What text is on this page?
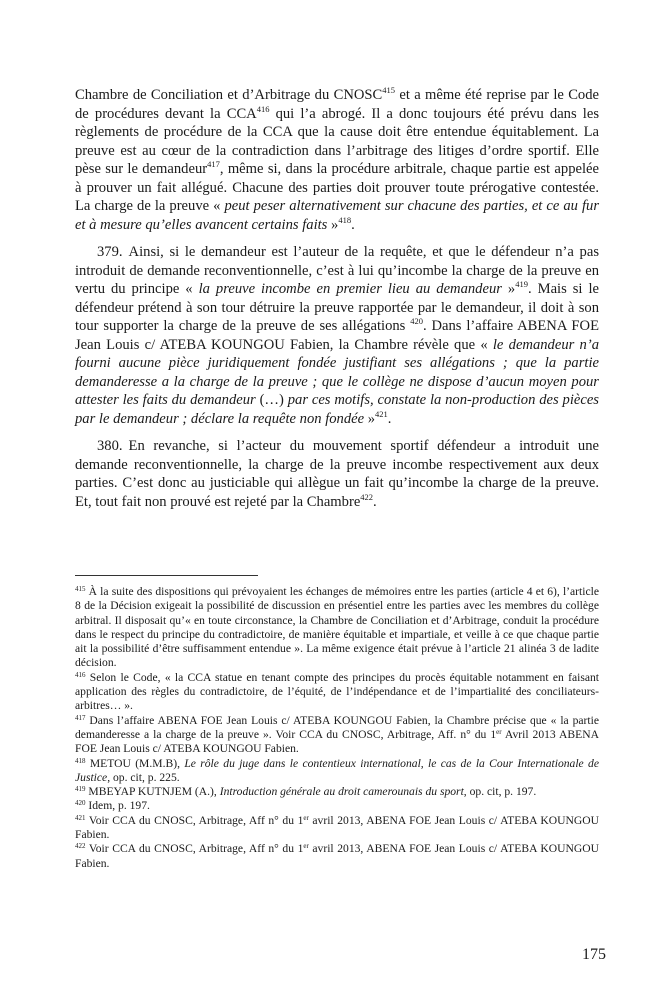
Chambre de Conciliation et d’Arbitrage du CNOSC$^{415}$ et a même été reprise par le Code de procédures devant la CCA$^{416}$ qui l’a abrogé. Il a donc toujours été prévu dans les règlements de procédure de la CCA que la cause doit être entendue équitablement. La preuve est au cœur de la contradiction dans l’arbitrage des litiges d’ordre sportif. Elle pèse sur le demandeur$^{417}$, même si, dans la procédure arbitrale, chaque partie est appelée à prouver un fait allégué. Chacune des parties doit prouver toute prérogative contestée. La charge de la preuve « peut peser alternativement sur chacune des parties, et ce au fur et à mesure qu’elles avancent certains faits »$^{418}$.

379. Ainsi, si le demandeur est l’auteur de la requête, et que le défendeur n’a pas introduit de demande reconventionnelle, c’est à lui qu’incombe la charge de la preuve en vertu du principe « la preuve incombe en premier lieu au demandeur »$^{419}$. Mais si le défendeur prétend à son tour détruire la preuve rapportée par le demandeur, il doit à son tour supporter la charge de la preuve de ses allégations $^{420}$. Dans l’affaire ABENA FOE Jean Louis c/ ATEBA KOUNGOU Fabien, la Chambre révèle que « le demandeur n’a fourni aucune pièce juridiquement fondée justifiant ses allégations ; que la partie demanderesse a la charge de la preuve ; que le collège ne dispose d’aucun moyen pour attester les faits du demandeur (…) par ces motifs, constate la non-production des pièces par le demandeur ; déclare la requête non fondée »$^{421}$.

380. En revanche, si l’acteur du mouvement sportif défendeur a introduit une demande reconventionnelle, la charge de la preuve incombe respectivement aux deux parties. C’est donc au justiciable qui allègue un fait qu’incombe la charge de la preuve. Et, tout fait non prouvé est rejeté par la Chambre$^{422}$.

$^{415}$ À la suite des dispositions qui prévoyaient les échanges de mémoires entre les parties (article 4 et 6), l’article 8 de la Décision exigeait la possibilité de discussion en présentiel entre les parties avec les membres du collège arbitral. Il disposait qu’« en toute circonstance, la Chambre de Conciliation et d’Arbitrage, conduit la procédure dans le respect du principe du contradictoire, de manière équitable et impartiale, et veille à ce que chaque partie ait la possibilité d’être suffisamment entendue ». La même exigence était prévue à l’article 21 alinéa 3 de ladite décision.

$^{416}$ Selon le Code, « la CCA statue en tenant compte des principes du procès équitable notamment en faisant application des règles du contradictoire, de l’équité, de l’indépendance et de l’impartialité des conciliateurs-arbitres… ».

$^{417}$ Dans l’affaire ABENA FOE Jean Louis c/ ATEBA KOUNGOU Fabien, la Chambre précise que « la partie demanderesse a la charge de la preuve ». Voir CCA du CNOSC, Arbitrage, Aff. n° du 1er Avril 2013 ABENA FOE Jean Louis c/ ATEBA KOUNGOU Fabien.

$^{418}$ METOU (M.M.B), Le rôle du juge dans le contentieux international, le cas de la Cour Internationale de Justice, op. cit, p. 225.

$^{419}$ MBEYAP KUTNJEM (A.), Introduction générale au droit camerounais du sport, op. cit, p. 197.

$^{420}$ Idem, p. 197.

$^{421}$ Voir CCA du CNOSC, Arbitrage, Aff n° du 1er avril 2013, ABENA FOE Jean Louis c/ ATEBA KOUNGOU Fabien.

$^{422}$ Voir CCA du CNOSC, Arbitrage, Aff n° du 1er avril 2013, ABENA FOE Jean Louis c/ ATEBA KOUNGOU Fabien.

175
